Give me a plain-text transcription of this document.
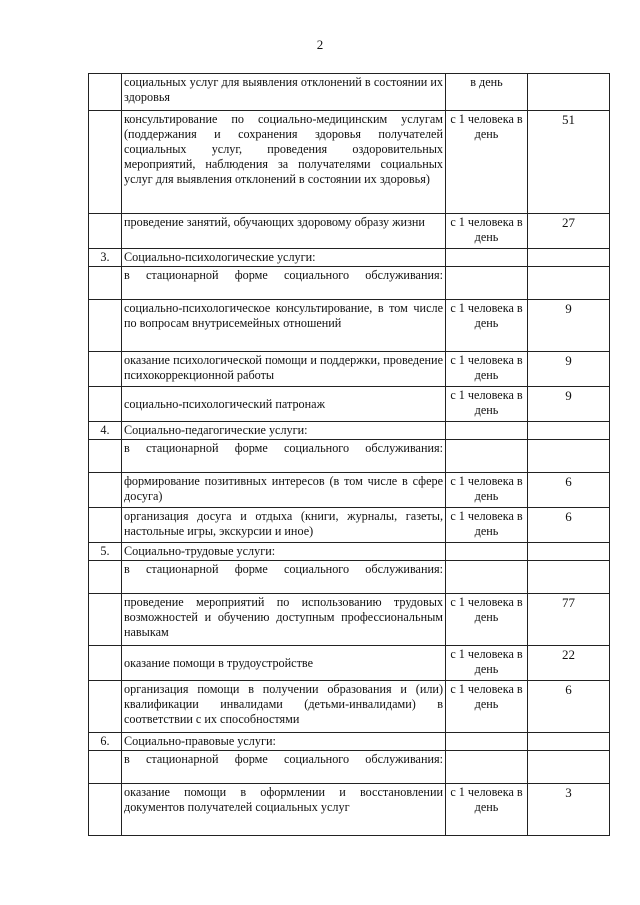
2
	социальных услуг для выявления отклонений в состоянии их здоровья	в день	
	консультирование по социально-медицинским услугам (поддержания и сохранения здоровья получателей социальных услуг, проведения оздоровительных мероприятий, наблюдения за получателями социальных услуг для выявления отклонений в состоянии их здоровья)	с 1 человека в день	51
	проведение занятий, обучающих здоровому образу жизни	с 1 человека в день	27
3.	Социально-психологические услуги:		
	в стационарной форме социального обслуживания:		
	социально-психологическое консультирование, в том числе по вопросам внутрисемейных отношений	с 1 человека в день	9
	оказание психологической помощи и поддержки, проведение психокоррекционной работы	с 1 человека в день	9
	социально-психологический патронаж	с 1 человека в день	9
4.	Социально-педагогические услуги:		
	в стационарной форме социального обслуживания:		
	формирование позитивных интересов (в том числе в сфере досуга)	с 1 человека в день	6
	организация досуга и отдыха (книги, журналы, газеты, настольные игры, экскурсии и иное)	с 1 человека в день	6
5.	Социально-трудовые услуги:		
	в стационарной форме социального обслуживания:		
	проведение мероприятий по использованию трудовых возможностей и обучению доступным профессиональным навыкам	с 1 человека в день	77
	оказание помощи в трудоустройстве	с 1 человека в день	22
	организация помощи в получении образования и (или) квалификации инвалидами (детьми-инвалидами) в соответствии с их способностями	с 1 человека в день	6
6.	Социально-правовые услуги:		
	в стационарной форме социального обслуживания:		
	оказание помощи в оформлении и восстановлении документов получателей социальных услуг	с 1 человека в день	3
